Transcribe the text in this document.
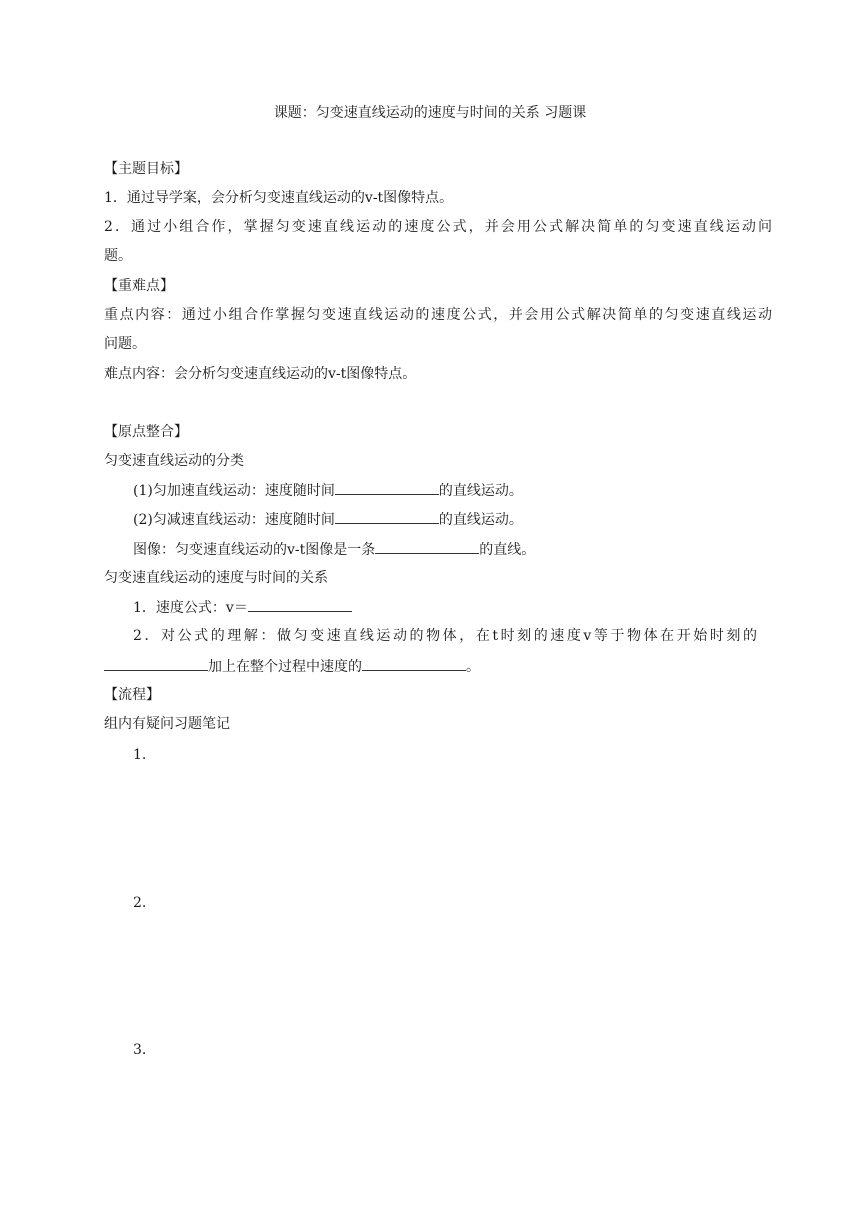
课题：匀变速直线运动的速度与时间的关系 习题课
【主题目标】
1．通过导学案，会分析匀变速直线运动的v-t图像特点。
2．通过小组合作，掌握匀变速直线运动的速度公式，并会用公式解决简单的匀变速直线运动问
题。
【重难点】
重点内容：通过小组合作掌握匀变速直线运动的速度公式，并会用公式解决简单的匀变速直线运动
问题。
难点内容：会分析匀变速直线运动的v-t图像特点。
【原点整合】
匀变速直线运动的分类
(1)匀加速直线运动：速度随时间	的直线运动。
(2)匀减速直线运动：速度随时间	的直线运动。
图像：匀变速直线运动的v-t图像是一条	的直线。
匀变速直线运动的速度与时间的关系
1．速度公式：v＝
2．对公式的理解：做匀变速直线运动的物体，在t时刻的速度v等于物体在开始时刻的
加上在整个过程中速度的	。
【流程】
组内有疑问习题笔记
1.
2.
3.
